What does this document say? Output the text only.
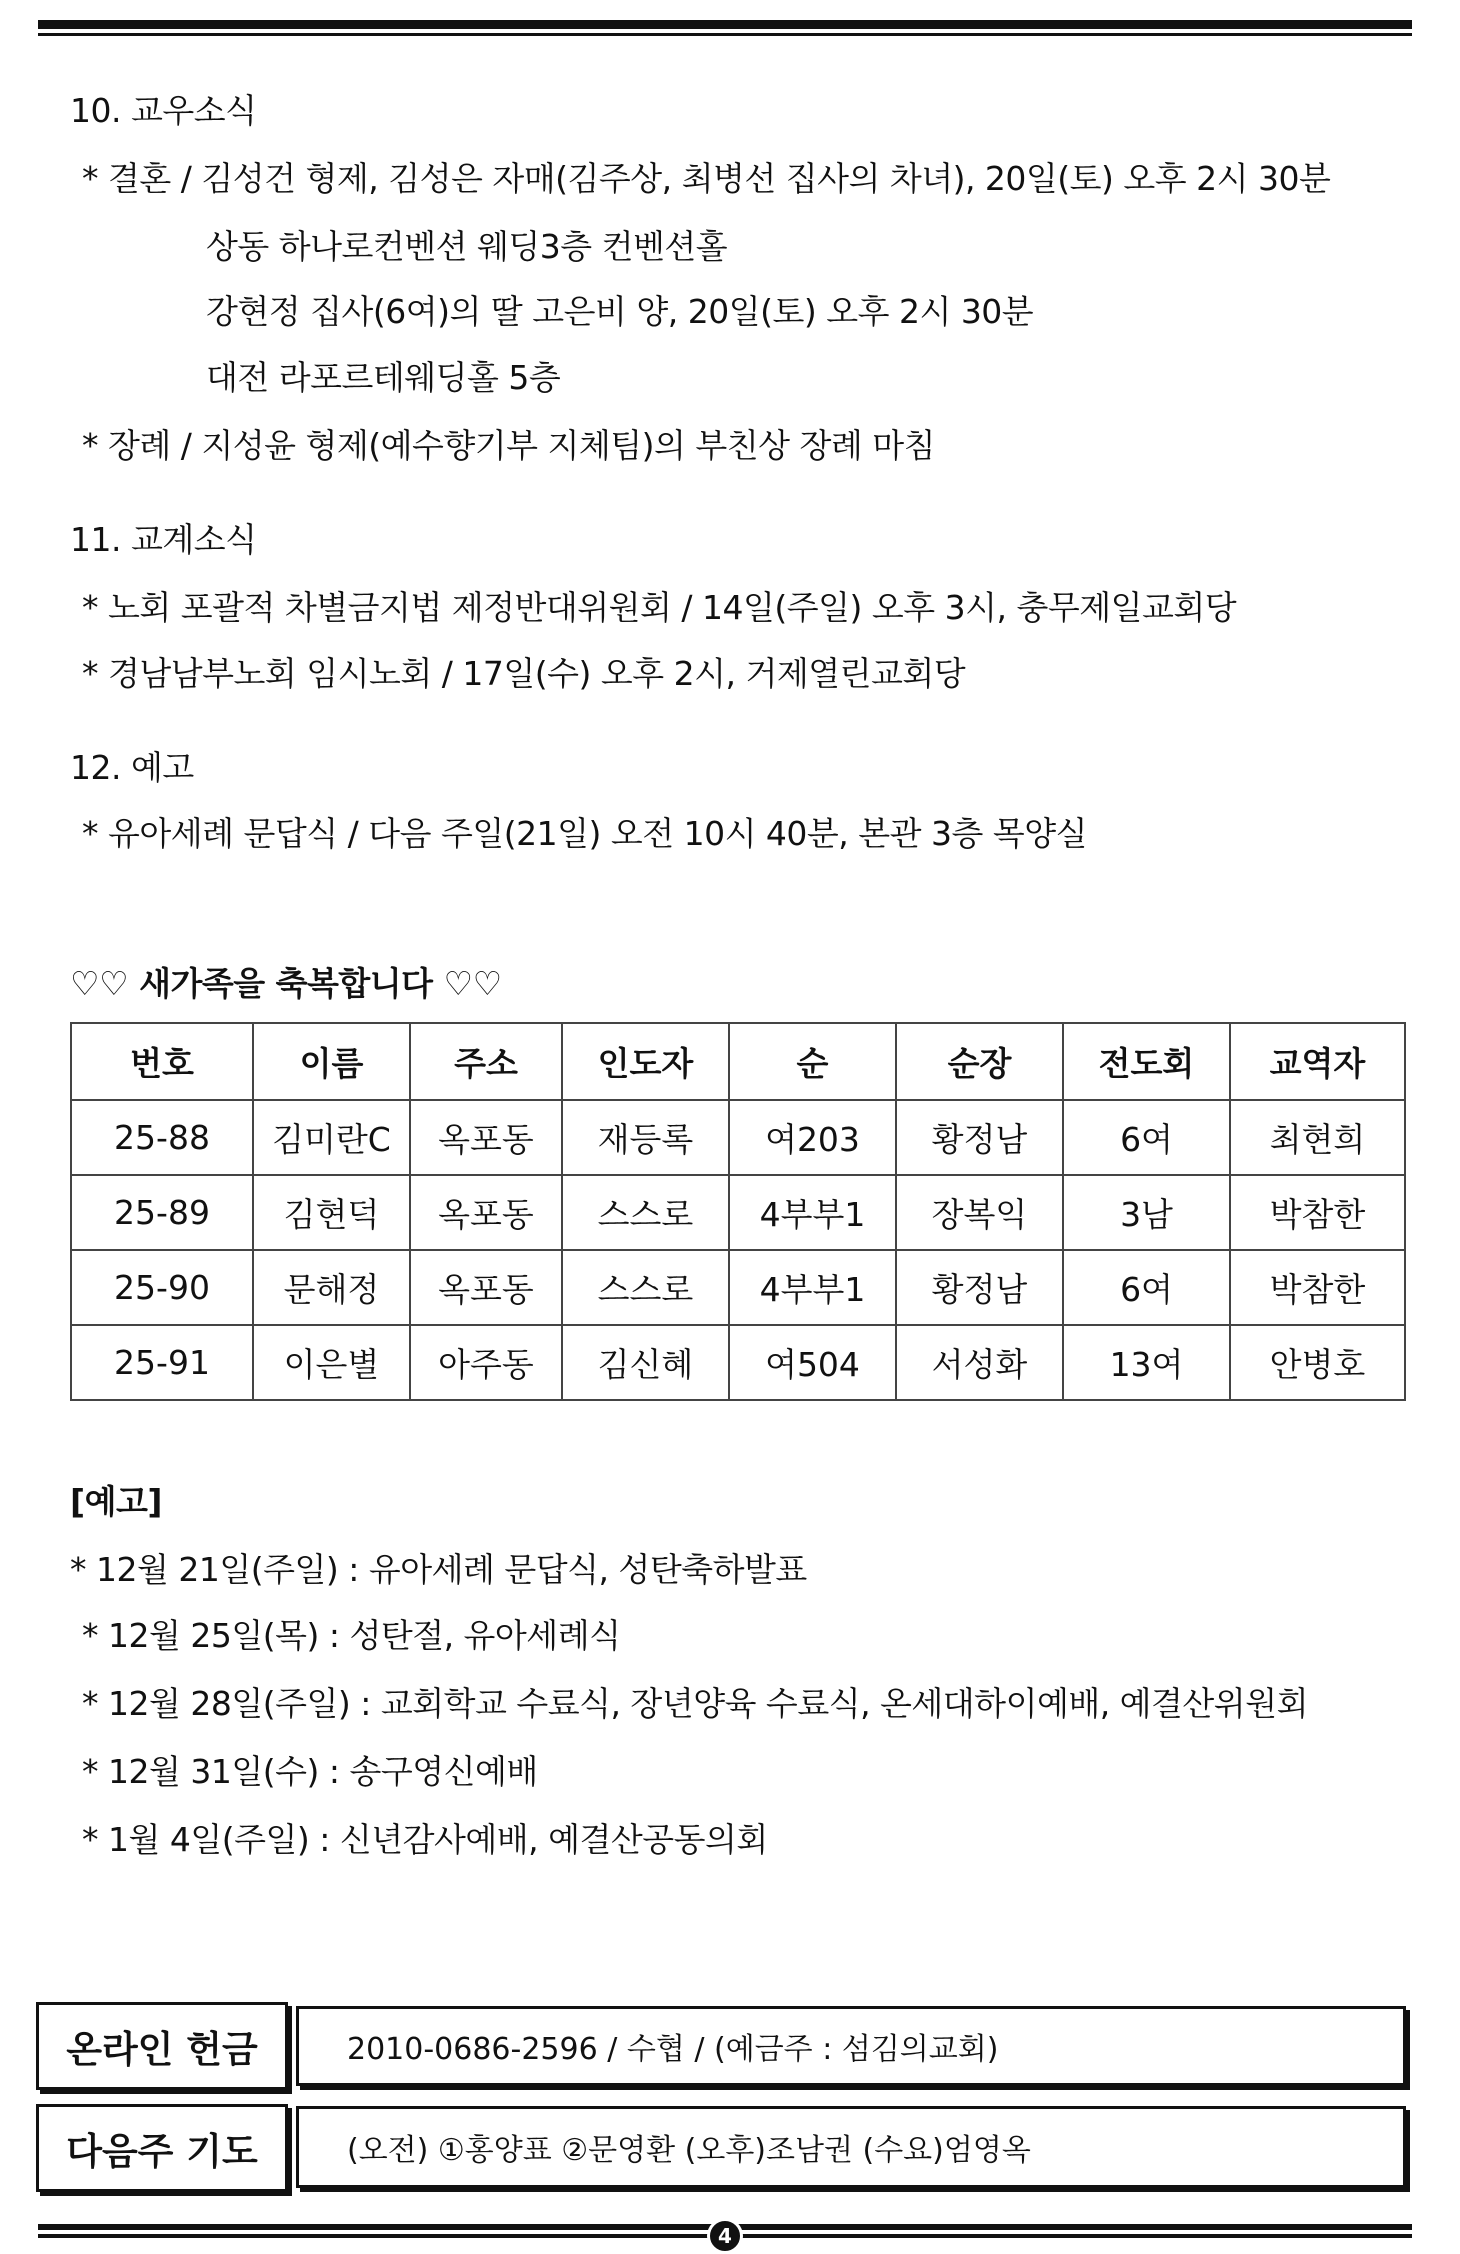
10. 교우소식
* 결혼 / 김성건 형제, 김성은 자매(김주상, 최병선 집사의 차녀), 20일(토) 오후 2시 30분
상동 하나로컨벤션 웨딩3층 컨벤션홀
강현정 집사(6여)의 딸 고은비 양, 20일(토) 오후 2시 30분
대전 라포르테웨딩홀 5층
* 장례 / 지성윤 형제(예수향기부 지체팀)의 부친상 장례 마침
11. 교계소식
* 노회 포괄적 차별금지법 제정반대위원회 / 14일(주일) 오후 3시, 충무제일교회당
* 경남남부노회 임시노회 / 17일(수) 오후 2시, 거제열린교회당
12. 예고
* 유아세례 문답식 / 다음 주일(21일) 오전 10시 40분, 본관 3층 목양실
♡♡ 새가족을 축복합니다 ♡♡
번호	이름	주소	인도자	순	순장	전도회	교역자
25-88	김미란C	옥포동	재등록	여203	황정남	6여	최현희
25-89	김현덕	옥포동	스스로	4부부1	장복익	3남	박참한
25-90	문해정	옥포동	스스로	4부부1	황정남	6여	박참한
25-91	이은별	아주동	김신혜	여504	서성화	13여	안병호
[예고]
* 12월 21일(주일) : 유아세례 문답식, 성탄축하발표
* 12월 25일(목) : 성탄절, 유아세례식
* 12월 28일(주일) : 교회학교 수료식, 장년양육 수료식, 온세대하이예배, 예결산위원회
* 12월 31일(수) : 송구영신예배
* 1월 4일(주일) : 신년감사예배, 예결산공동의회
온라인 헌금	2010-0686-2596 / 수협 / (예금주 : 섬김의교회)
다음주 기도	(오전) ①홍양표 ②문영환 (오후)조남권 (수요)엄영옥
4
